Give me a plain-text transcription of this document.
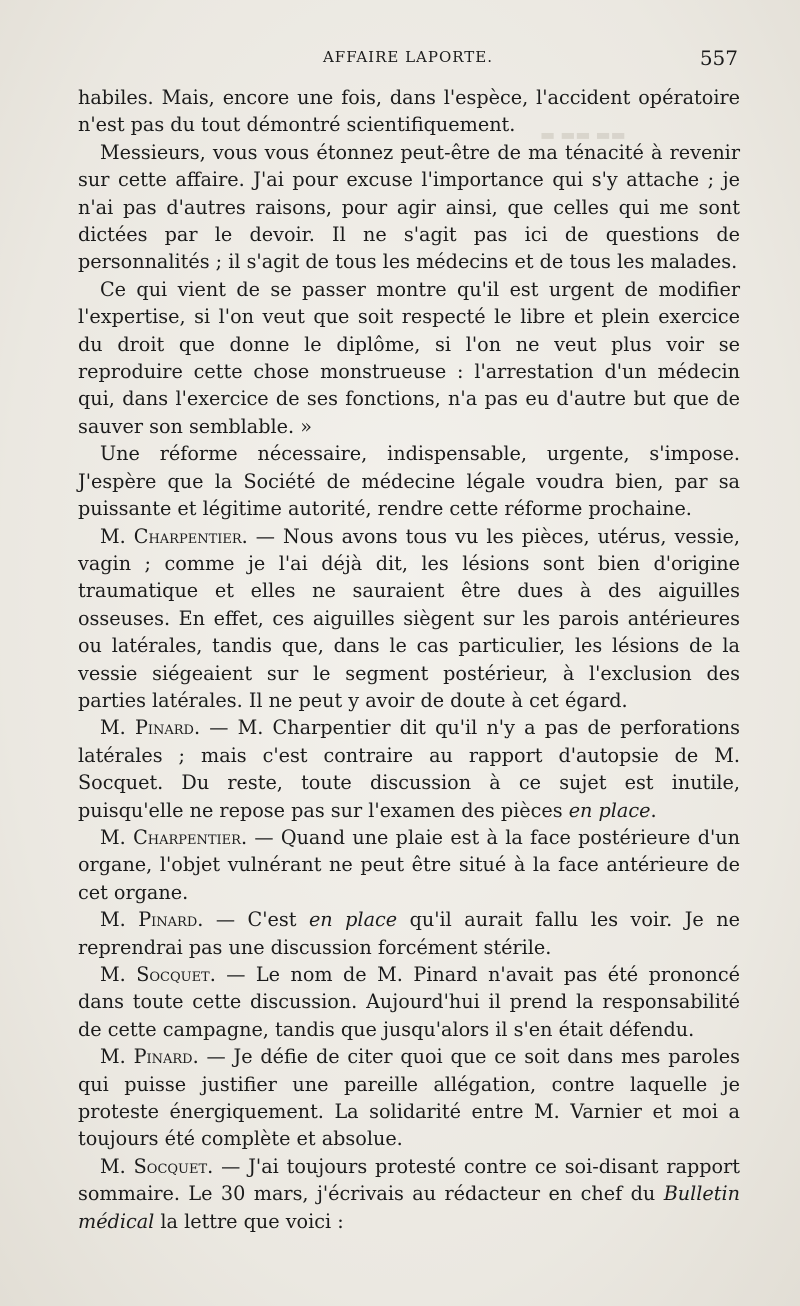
▬▬ ▬▬ ▬
AFFAIRE LAPORTE.	557

habiles. Mais, encore une fois, dans l'espèce, l'accident opératoire n'est pas du tout démontré scientifiquement.

Messieurs, vous vous étonnez peut-être de ma ténacité à revenir sur cette affaire. J'ai pour excuse l'importance qui s'y attache ; je n'ai pas d'autres raisons, pour agir ainsi, que celles qui me sont dictées par le devoir. Il ne s'agit pas ici de questions de personnalités ; il s'agit de tous les médecins et de tous les malades.

Ce qui vient de se passer montre qu'il est urgent de modifier l'expertise, si l'on veut que soit respecté le libre et plein exercice du droit que donne le diplôme, si l'on ne veut plus voir se reproduire cette chose monstrueuse : l'arrestation d'un médecin qui, dans l'exercice de ses fonctions, n'a pas eu d'autre but que de sauver son semblable. »

Une réforme nécessaire, indispensable, urgente, s'impose. J'espère que la Société de médecine légale voudra bien, par sa puissante et légitime autorité, rendre cette réforme prochaine.

M. Charpentier. — Nous avons tous vu les pièces, utérus, vessie, vagin ; comme je l'ai déjà dit, les lésions sont bien d'origine traumatique et elles ne sauraient être dues à des aiguilles osseuses. En effet, ces aiguilles siègent sur les parois antérieures ou latérales, tandis que, dans le cas particulier, les lésions de la vessie siégeaient sur le segment postérieur, à l'exclusion des parties latérales. Il ne peut y avoir de doute à cet égard.

M. Pinard. — M. Charpentier dit qu'il n'y a pas de perforations latérales ; mais c'est contraire au rapport d'autopsie de M. Socquet. Du reste, toute discussion à ce sujet est inutile, puisqu'elle ne repose pas sur l'examen des pièces en place.

M. Charpentier. — Quand une plaie est à la face postérieure d'un organe, l'objet vulnérant ne peut être situé à la face antérieure de cet organe.

M. Pinard. — C'est en place qu'il aurait fallu les voir. Je ne reprendrai pas une discussion forcément stérile.

M. Socquet. — Le nom de M. Pinard n'avait pas été prononcé dans toute cette discussion. Aujourd'hui il prend la responsabilité de cette campagne, tandis que jusqu'alors il s'en était défendu.

M. Pinard. — Je défie de citer quoi que ce soit dans mes paroles qui puisse justifier une pareille allégation, contre laquelle je proteste énergiquement. La solidarité entre M. Varnier et moi a toujours été complète et absolue.

M. Socquet. — J'ai toujours protesté contre ce soi-disant rapport sommaire. Le 30 mars, j'écrivais au rédacteur en chef du Bulletin médical la lettre que voici :
